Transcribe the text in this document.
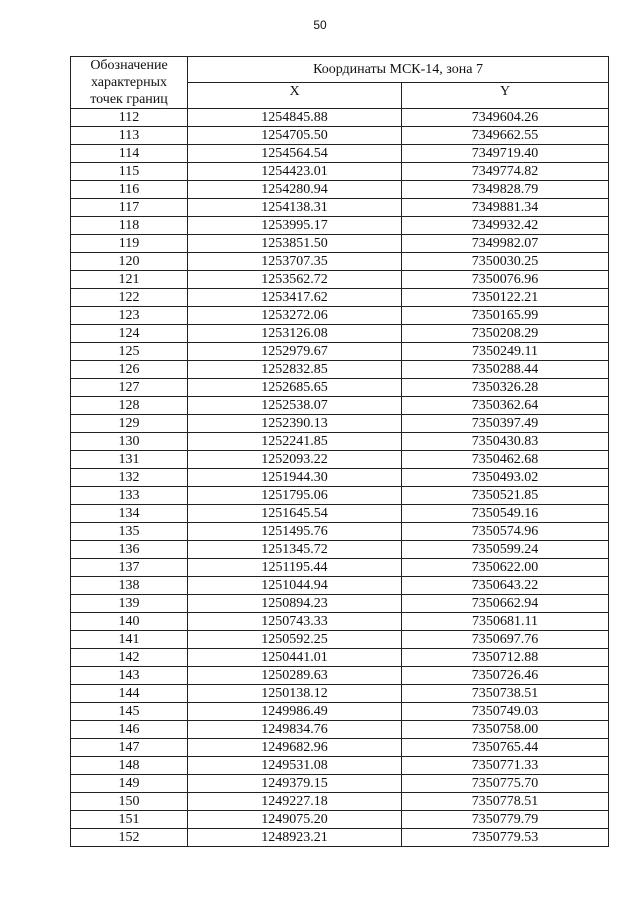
50
Обозначение
характерных
точек границ	Координаты МСК-14, зона 7	
	X	Y
112	1254845.88	7349604.26
113	1254705.50	7349662.55
114	1254564.54	7349719.40
115	1254423.01	7349774.82
116	1254280.94	7349828.79
117	1254138.31	7349881.34
118	1253995.17	7349932.42
119	1253851.50	7349982.07
120	1253707.35	7350030.25
121	1253562.72	7350076.96
122	1253417.62	7350122.21
123	1253272.06	7350165.99
124	1253126.08	7350208.29
125	1252979.67	7350249.11
126	1252832.85	7350288.44
127	1252685.65	7350326.28
128	1252538.07	7350362.64
129	1252390.13	7350397.49
130	1252241.85	7350430.83
131	1252093.22	7350462.68
132	1251944.30	7350493.02
133	1251795.06	7350521.85
134	1251645.54	7350549.16
135	1251495.76	7350574.96
136	1251345.72	7350599.24
137	1251195.44	7350622.00
138	1251044.94	7350643.22
139	1250894.23	7350662.94
140	1250743.33	7350681.11
141	1250592.25	7350697.76
142	1250441.01	7350712.88
143	1250289.63	7350726.46
144	1250138.12	7350738.51
145	1249986.49	7350749.03
146	1249834.76	7350758.00
147	1249682.96	7350765.44
148	1249531.08	7350771.33
149	1249379.15	7350775.70
150	1249227.18	7350778.51
151	1249075.20	7350779.79
152	1248923.21	7350779.53
